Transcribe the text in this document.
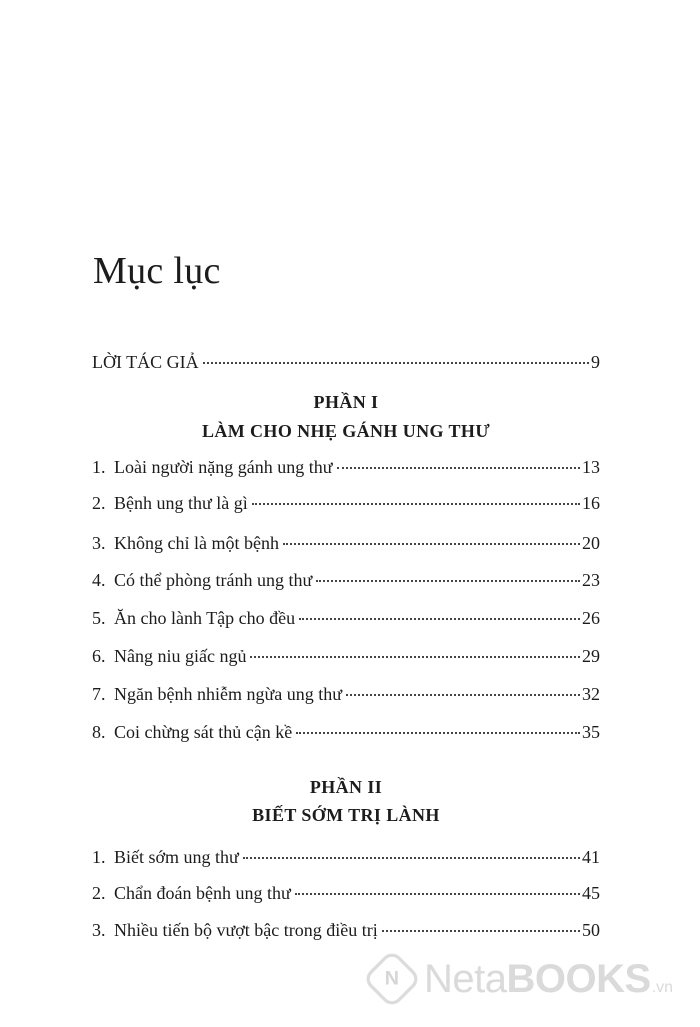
Mục lục
LỜI TÁC GIẢ	9
PHẦN I
LÀM CHO NHẸ GÁNH UNG THƯ
1. Loài người nặng gánh ung thư	13
2. Bệnh ung thư là gì	16
3. Không chỉ là một bệnh	20
4. Có thể phòng tránh ung thư	23
5. Ăn cho lành Tập cho đều	26
6. Nâng niu giấc ngủ	29
7. Ngăn bệnh nhiễm ngừa ung thư	32
8. Coi chừng sát thủ cận kề	35
PHẦN II
BIẾT SỚM TRỊ LÀNH
1. Biết sớm ung thư	41
2. Chẩn đoán bệnh ung thư	45
3. Nhiều tiến bộ vượt bậc trong điều trị	50
N NetaBOOKS .vn
